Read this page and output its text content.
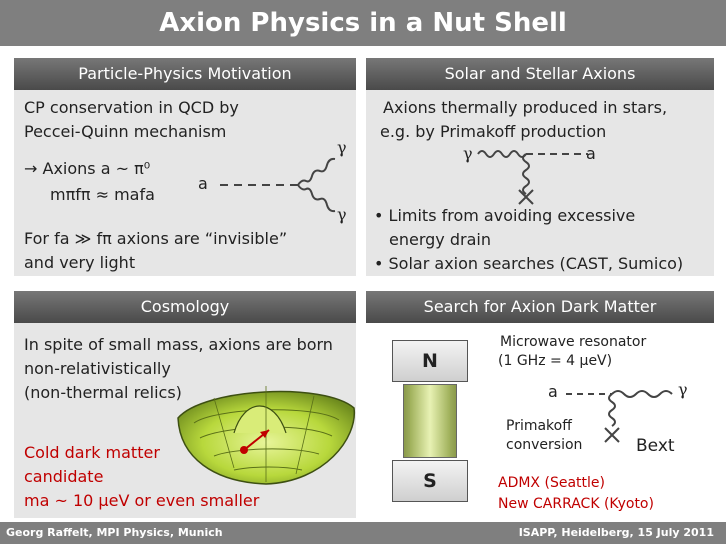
Axion Physics in a Nut Shell
Particle-Physics Motivation
CP conservation in QCD by
Peccei-Quinn mechanism
→ Axions a ~ π⁰
mπfπ ≈ mafa
For fa ≫ fπ axions are “invisible”
and very light
a
γ
γ
Solar and Stellar Axions
Axions thermally produced in stars,
e.g. by Primakoff production
γ	a
• Limits from avoiding excessive
energy drain
• Solar axion searches (CAST, Sumico)
Cosmology
In spite of small mass, axions are born
non-relativistically
(non-thermal relics)
Cold dark matter
candidate
ma ~ 10 μeV or even smaller
Search for Axion Dark Matter
N
S
Microwave resonator
(1 GHz = 4 μeV)
a	γ
Primakoff
conversion	Bext
ADMX (Seattle)
New CARRACK (Kyoto)
Georg Raffelt, MPI Physics, Munich	ISAPP, Heidelberg, 15 July 2011
